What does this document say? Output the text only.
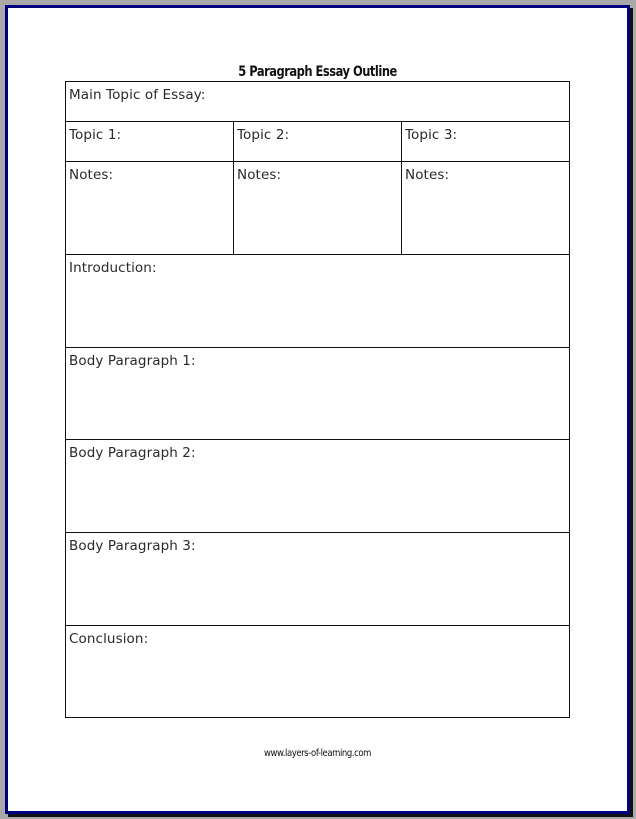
5 Paragraph Essay Outline
Main Topic of Essay:
Topic 1:	Topic 2:	Topic 3:
Notes:	Notes:	Notes:
Introduction:
Body Paragraph 1:
Body Paragraph 2:
Body Paragraph 3:
Conclusion:
www.layers-of-learning.com
